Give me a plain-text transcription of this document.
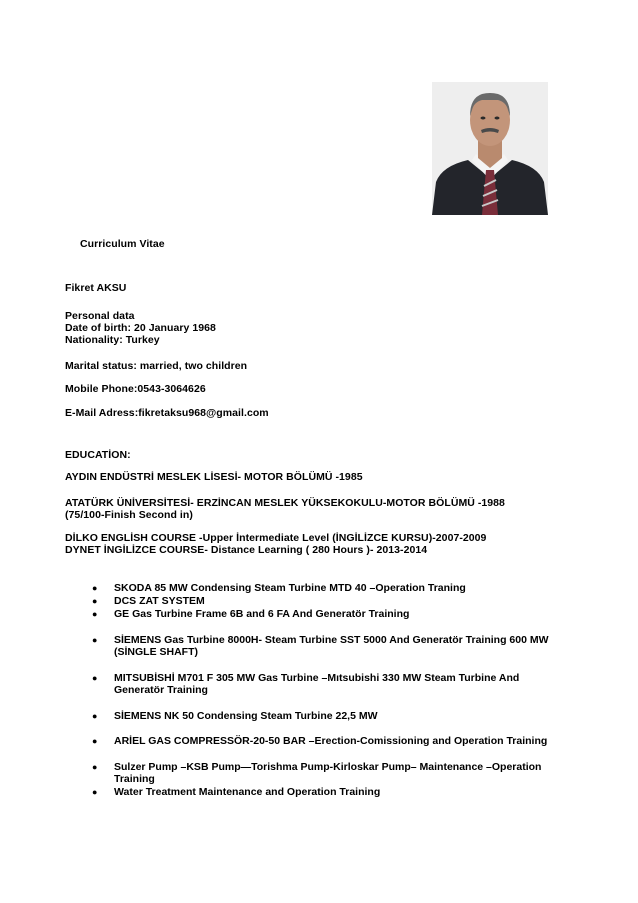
Curriculum Vitae
Fikret AKSU
Personal data
Date of birth: 20 January 1968
Nationality: Turkey
Marital status: married, two children
Mobile Phone:0543-3064626
E-Mail Adress:fikretaksu968@gmail.com
EDUCATİON:
AYDIN ENDÜSTRİ MESLEK LİSESİ- MOTOR BÖLÜMÜ -1985
ATATÜRK ÜNİVERSİTESİ- ERZİNCAN MESLEK YÜKSEKOKULU-MOTOR BÖLÜMÜ -1988
(75/100-Finish Second in)
DİLKO ENGLİSH COURSE -Upper İntermediate Level (İNGİLİZCE KURSU)-2007-2009
DYNET İNGİLİZCE COURSE- Distance Learning ( 280 Hours )- 2013-2014
● SKODA 85 MW Condensing Steam Turbine MTD 40 –Operation Traning
● DCS ZAT SYSTEM
● GE Gas Turbine Frame 6B and 6 FA And Generatör Training
● SİEMENS Gas Turbine 8000H- Steam Turbine SST 5000 And Generatör Training 600 MW (SİNGLE SHAFT)
● MITSUBİSHİ M701 F 305 MW Gas Turbine –Mıtsubishi 330 MW Steam Turbine And Generatör Training
● SİEMENS NK 50 Condensing Steam Turbine 22,5 MW
● ARİEL GAS COMPRESSÖR-20-50 BAR –Erection-Comissioning and Operation Training
● Sulzer Pump –KSB Pump—Torishma Pump-Kirloskar Pump– Maintenance –Operation Training
● Water Treatment Maintenance and Operation Training
